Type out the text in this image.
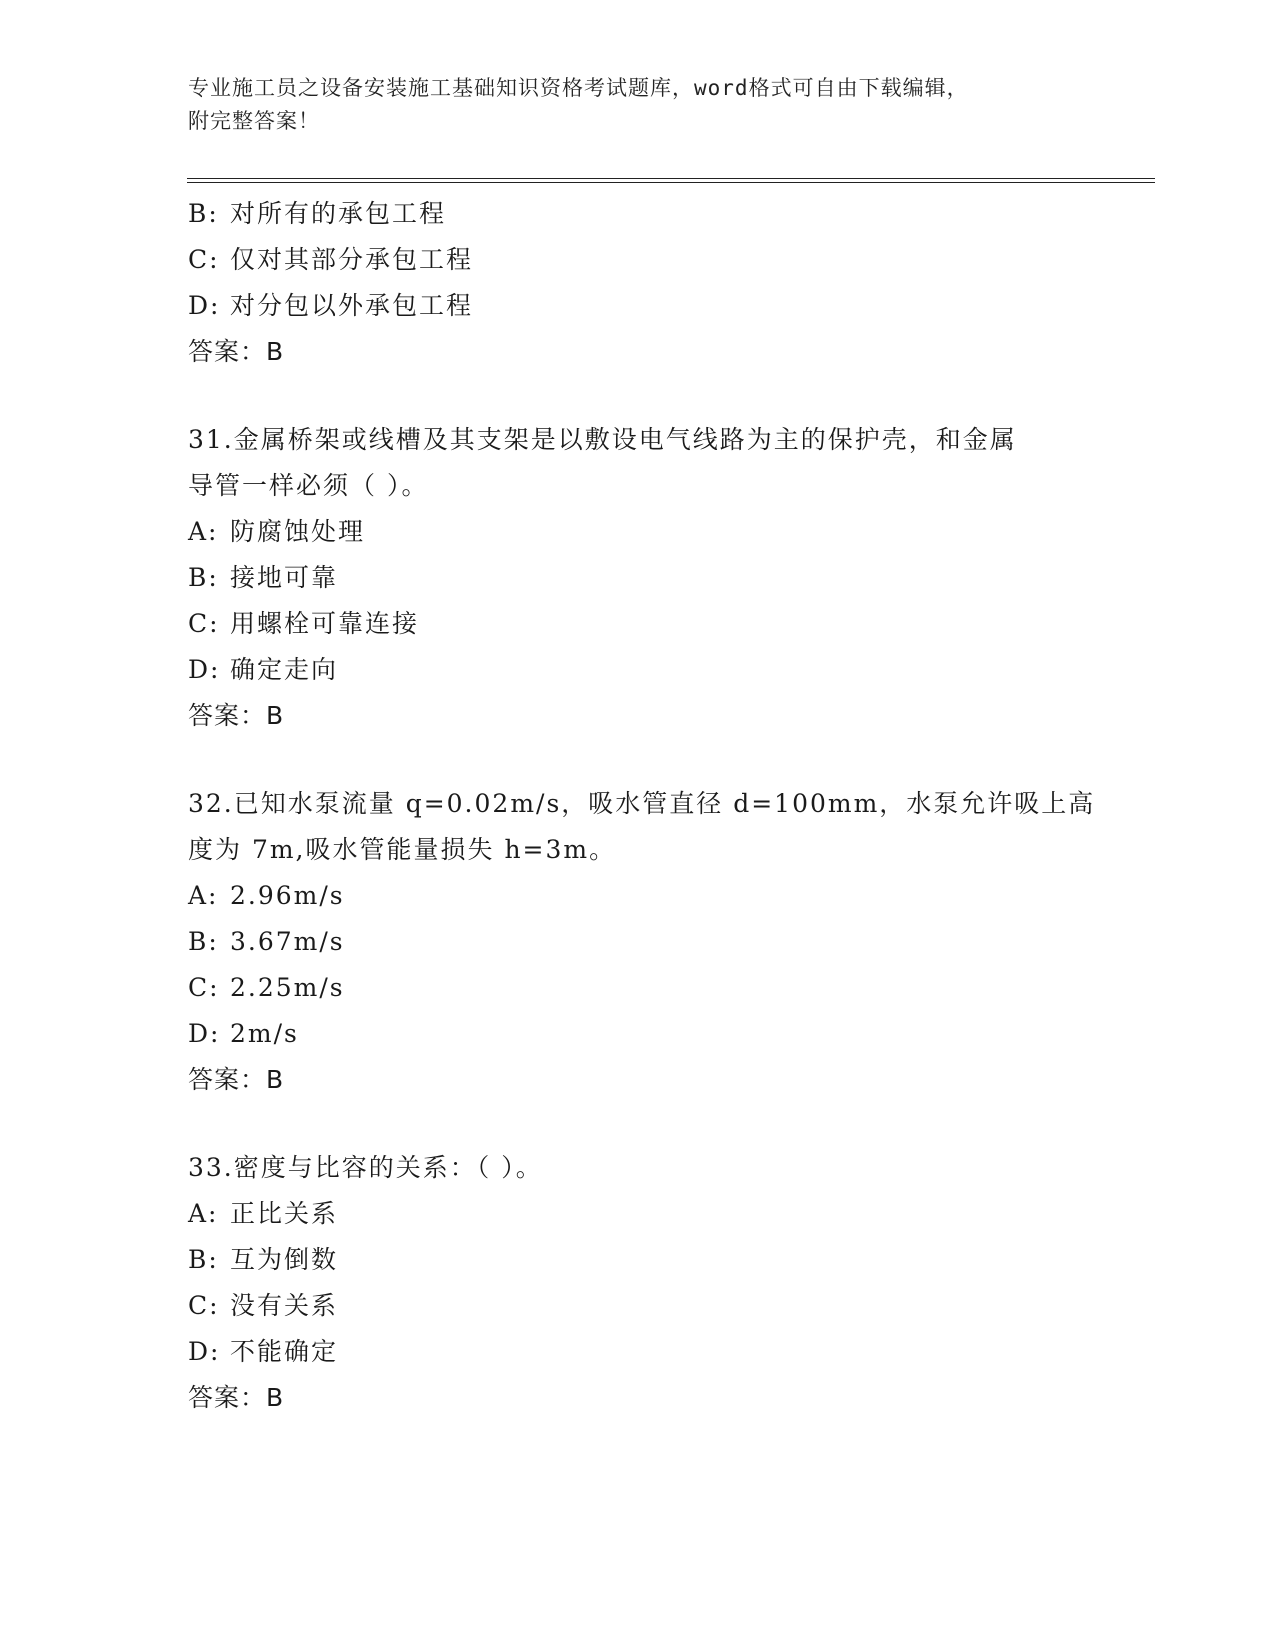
专业施工员之设备安装施工基础知识资格考试题库，word格式可自由下载编辑，
附完整答案！
B: 对所有的承包工程
C: 仅对其部分承包工程
D: 对分包以外承包工程
答案：B
31.金属桥架或线槽及其支架是以敷设电气线路为主的保护壳，和金属
导管一样必须（ ）。
A: 防腐蚀处理
B: 接地可靠
C: 用螺栓可靠连接
D: 确定走向
答案：B
32.已知水泵流量 q=0.02m/s，吸水管直径 d=100mm，水泵允许吸上高
度为 7m,吸水管能量损失 h=3m。
A: 2.96m/s
B: 3.67m/s
C: 2.25m/s
D: 2m/s
答案：B
33.密度与比容的关系：（ ）。
A: 正比关系
B: 互为倒数
C: 没有关系
D: 不能确定
答案：B
